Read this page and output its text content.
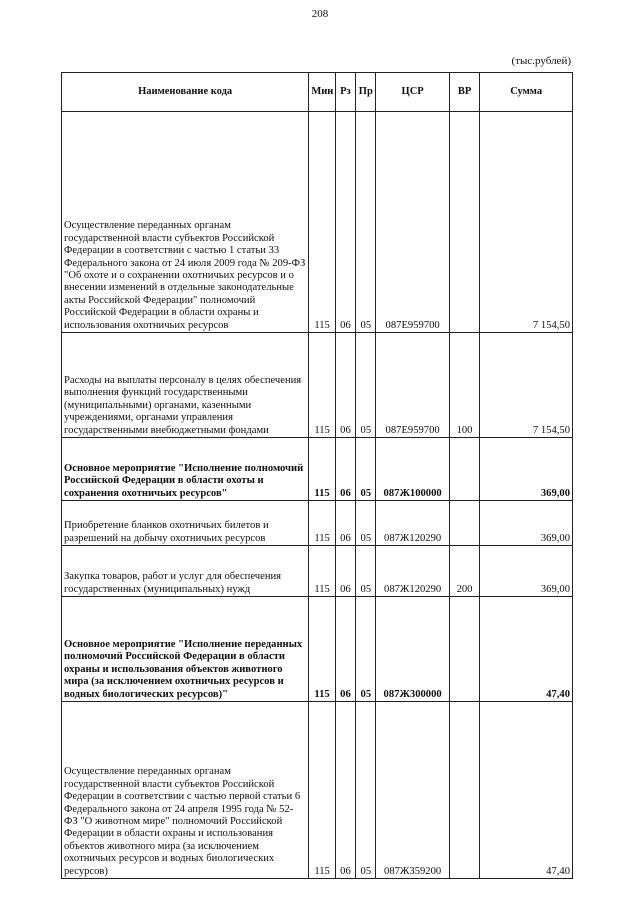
208
(тыс.рублей)
Наименование кода	Мин	Рз	Пр	ЦСР	ВР	Сумма
Осуществление переданных органам государственной власти субъектов Российской Федерации в соответствии с частью 1 статьи 33 Федерального закона от 24 июля 2009 года № 209-ФЗ "Об охоте и о сохранении охотничьих ресурсов и о внесении изменений в отдельные законодательные акты Российской Федерации" полномочий Российской Федерации в области охраны и использования охотничьих ресурсов	115	06	05	087Е959700		7 154,50
Расходы на выплаты персоналу в целях обеспечения выполнения функций государственными (муниципальными) органами, казенными учреждениями, органами управления государственными внебюджетными фондами	115	06	05	087Е959700	100	7 154,50
Основное мероприятие "Исполнение полномочий Российской Федерации в области охоты и сохранения охотничьих ресурсов"	115	06	05	087Ж100000		369,00
Приобретение бланков охотничьих билетов и разрешений на добычу охотничьих ресурсов	115	06	05	087Ж120290		369,00
Закупка товаров, работ и услуг для обеспечения государственных (муниципальных) нужд	115	06	05	087Ж120290	200	369,00
Основное мероприятие "Исполнение переданных полномочий Российской Федерации в области охраны и использования объектов животного мира (за исключением охотничьих ресурсов и водных биологических ресурсов)"	115	06	05	087Ж300000		47,40
Осуществление переданных органам государственной власти субъектов Российской Федерации в соответствии с частью первой статьи 6 Федерального закона от 24 апреля 1995 года № 52-ФЗ "О животном мире" полномочий Российской Федерации в области охраны и использования объектов животного мира (за исключением охотничьих ресурсов и водных биологических ресурсов)	115	06	05	087Ж359200		47,40
